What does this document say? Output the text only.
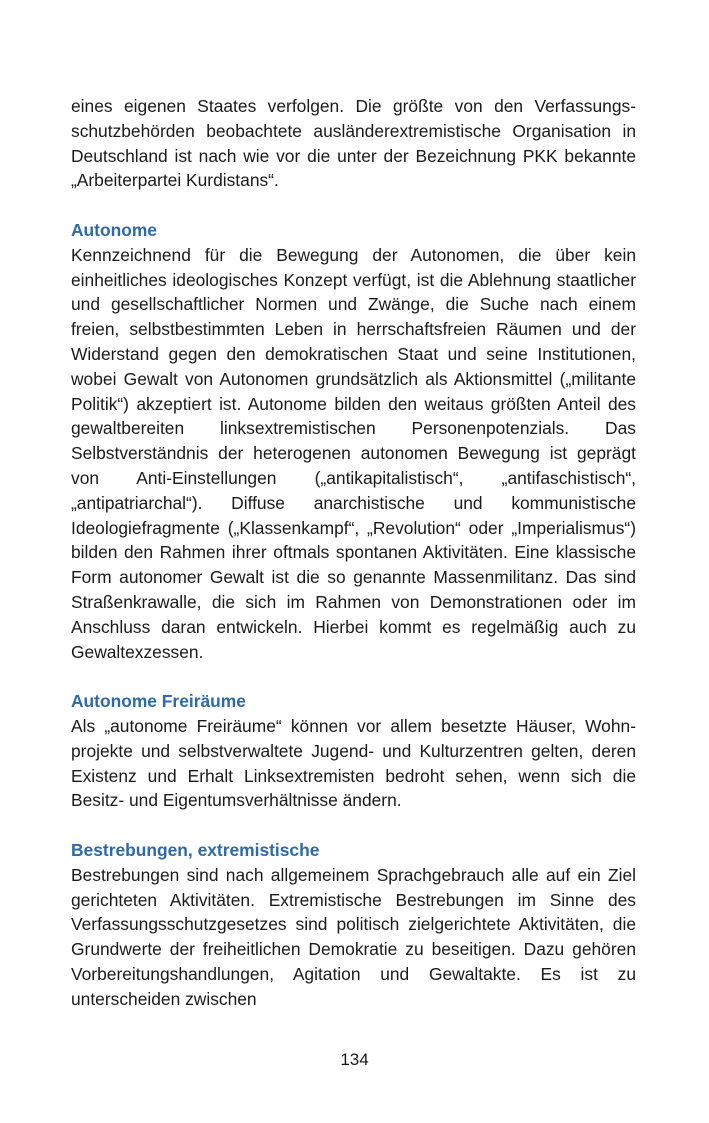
eines eigenen Staates verfolgen. Die größte von den Verfassungsschutzbehörden beobachtete ausländerextremistische Organisation in Deutschland ist nach wie vor die unter der Bezeichnung PKK bekannte „Arbeiterpartei Kurdistans“.

Autonome

Kennzeichnend für die Bewegung der Autonomen, die über kein einheitliches ideologisches Konzept verfügt, ist die Ablehnung staatlicher und gesellschaftlicher Normen und Zwänge, die Suche nach einem freien, selbstbestimmten Leben in herrschaftsfreien Räumen und der Widerstand gegen den demokratischen Staat und seine Institutionen, wobei Gewalt von Autonomen grundsätzlich als Aktionsmittel („militante Politik“) akzeptiert ist. Autonome bilden den weitaus größten Anteil des gewaltbereiten linksextremistischen Personenpotenzials. Das Selbstverständnis der heterogenen autonomen Bewegung ist geprägt von Anti-Einstellungen („antikapitalistisch“, „antifaschistisch“, „antipatriarchal“). Diffuse anarchistische und kommunistische Ideologiefragmente („Klassenkampf“, „Revolution“ oder „Imperialismus“) bilden den Rahmen ihrer oftmals spontanen Aktivitäten. Eine klassische Form autonomer Gewalt ist die so genannte Massenmilitanz. Das sind Straßenkrawalle, die sich im Rahmen von Demonstrationen oder im Anschluss daran entwickeln. Hierbei kommt es regelmäßig auch zu Gewaltexzessen.

Autonome Freiräume

Als „autonome Freiräume“ können vor allem besetzte Häuser, Wohnprojekte und selbstverwaltete Jugend- und Kulturzentren gelten, deren Existenz und Erhalt Linksextremisten bedroht sehen, wenn sich die Besitz- und Eigentumsverhältnisse ändern.

Bestrebungen, extremistische

Bestrebungen sind nach allgemeinem Sprachgebrauch alle auf ein Ziel gerichteten Aktivitäten. Extremistische Bestrebungen im Sinne des Verfassungsschutzgesetzes sind politisch zielgerichtete Aktivitäten, die Grundwerte der freiheitlichen Demokratie zu beseitigen. Dazu gehören Vorbereitungshandlungen, Agitation und Gewaltakte. Es ist zu unterscheiden zwischen

134
